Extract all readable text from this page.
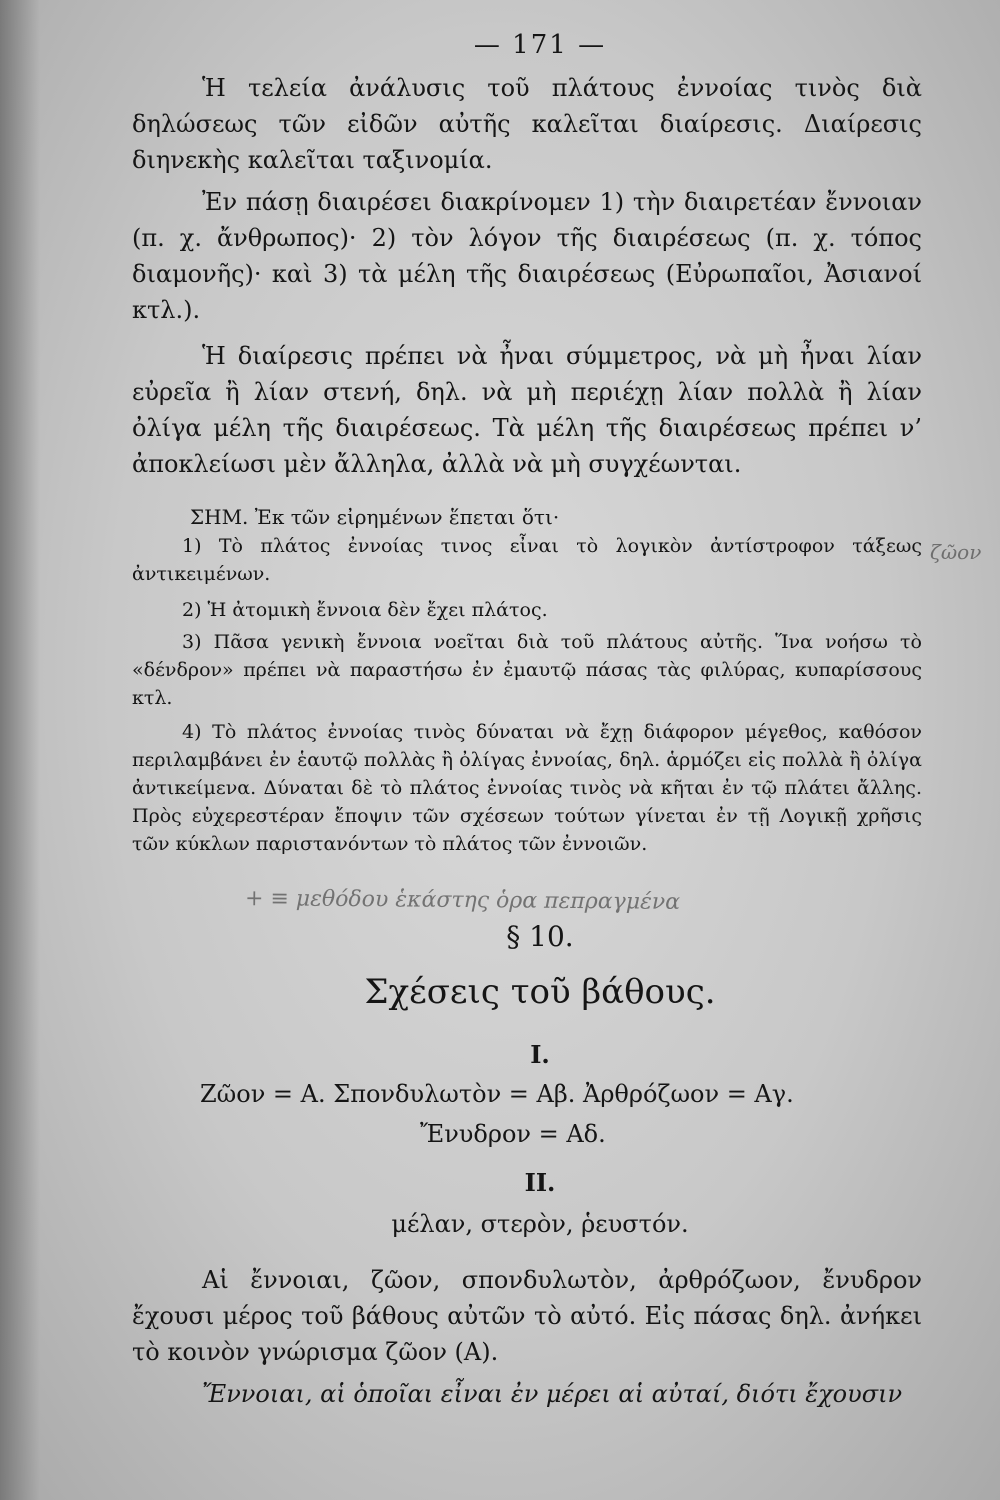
— 171 —

Ἡ τελεία ἀνάλυσις τοῦ πλάτους ἐννοίας τινὸς διὰ δηλώσεως τῶν εἰδῶν αὐτῆς καλεῖται διαίρεσις. Διαίρεσις διηνεκὴς καλεῖται ταξινομία.

Ἐν πάσῃ διαιρέσει διακρίνομεν 1) τὴν διαιρετέαν ἔννοιαν (π. χ. ἄνθρωπος)· 2) τὸν λόγον τῆς διαιρέσεως (π. χ. τόπος διαμονῆς)· καὶ 3) τὰ μέλη τῆς διαιρέσεως (Εὐρωπαῖοι, Ἀσιανοί κτλ.).

Ἡ διαίρεσις πρέπει νὰ ἦναι σύμμετρος, νὰ μὴ ἦναι λίαν εὐρεῖα ἢ λίαν στενή, δηλ. νὰ μὴ περιέχῃ λίαν πολλὰ ἢ λίαν ὀλίγα μέλη τῆς διαιρέσεως. Τὰ μέλη τῆς διαιρέσεως πρέπει ν’ ἀποκλείωσι μὲν ἄλληλα, ἀλλὰ νὰ μὴ συγχέωνται.

ΣΗΜ. Ἐκ τῶν εἰρημένων ἕπεται ὅτι·

1) Τὸ πλάτος ἐννοίας τινος εἶναι τὸ λογικὸν ἀντίστροφον τάξεως ἀντικειμένων.

2) Ἡ ἀτομικὴ ἔννοια δὲν ἔχει πλάτος.

3) Πᾶσα γενικὴ ἔννοια νοεῖται διὰ τοῦ πλάτους αὐτῆς. Ἵνα νοήσω τὸ «δένδρον» πρέπει νὰ παραστήσω ἐν ἐμαυτῷ πάσας τὰς φιλύρας, κυπαρίσσους κτλ.

4) Τὸ πλάτος ἐννοίας τινὸς δύναται νὰ ἔχῃ διάφορον μέγεθος, καθόσον περιλαμβάνει ἐν ἑαυτῷ πολλὰς ἢ ὀλίγας ἐννοίας, δηλ. ἁρμόζει εἰς πολλὰ ἢ ὀλίγα ἀντικείμενα. Δύναται δὲ τὸ πλάτος ἐννοίας τινὸς νὰ κῆται ἐν τῷ πλάτει ἄλλης. Πρὸς εὐχερεστέραν ἔποψιν τῶν σχέσεων τούτων γίνεται ἐν τῇ Λογικῇ χρῆσις τῶν κύκλων παριστανόντων τὸ πλάτος τῶν ἐννοιῶν.

+ ≡ μεθόδου ἑκάστης ὁρα πεπραγμένα

ζῶον

§ 10.
Σχέσεις τοῦ βάθους.

I.

Ζῶον = Α. Σπονδυλωτὸν = Αβ. Ἀρθρόζωον = Αγ.

Ἔνυδρον = Αδ.

II.

μέλαν, στερὸν, ῥευστόν.

Αἱ ἔννοιαι, ζῶον, σπονδυλωτὸν, ἀρθρόζωον, ἔνυδρον ἔχουσι μέρος τοῦ βάθους αὐτῶν τὸ αὐτό. Εἰς πάσας δηλ. ἀνήκει τὸ κοινὸν γνώρισμα ζῶον (Α).

Ἔννοιαι, αἱ ὁποῖαι εἶναι ἐν μέρει αἱ αὐταί, διότι ἔχουσιν
